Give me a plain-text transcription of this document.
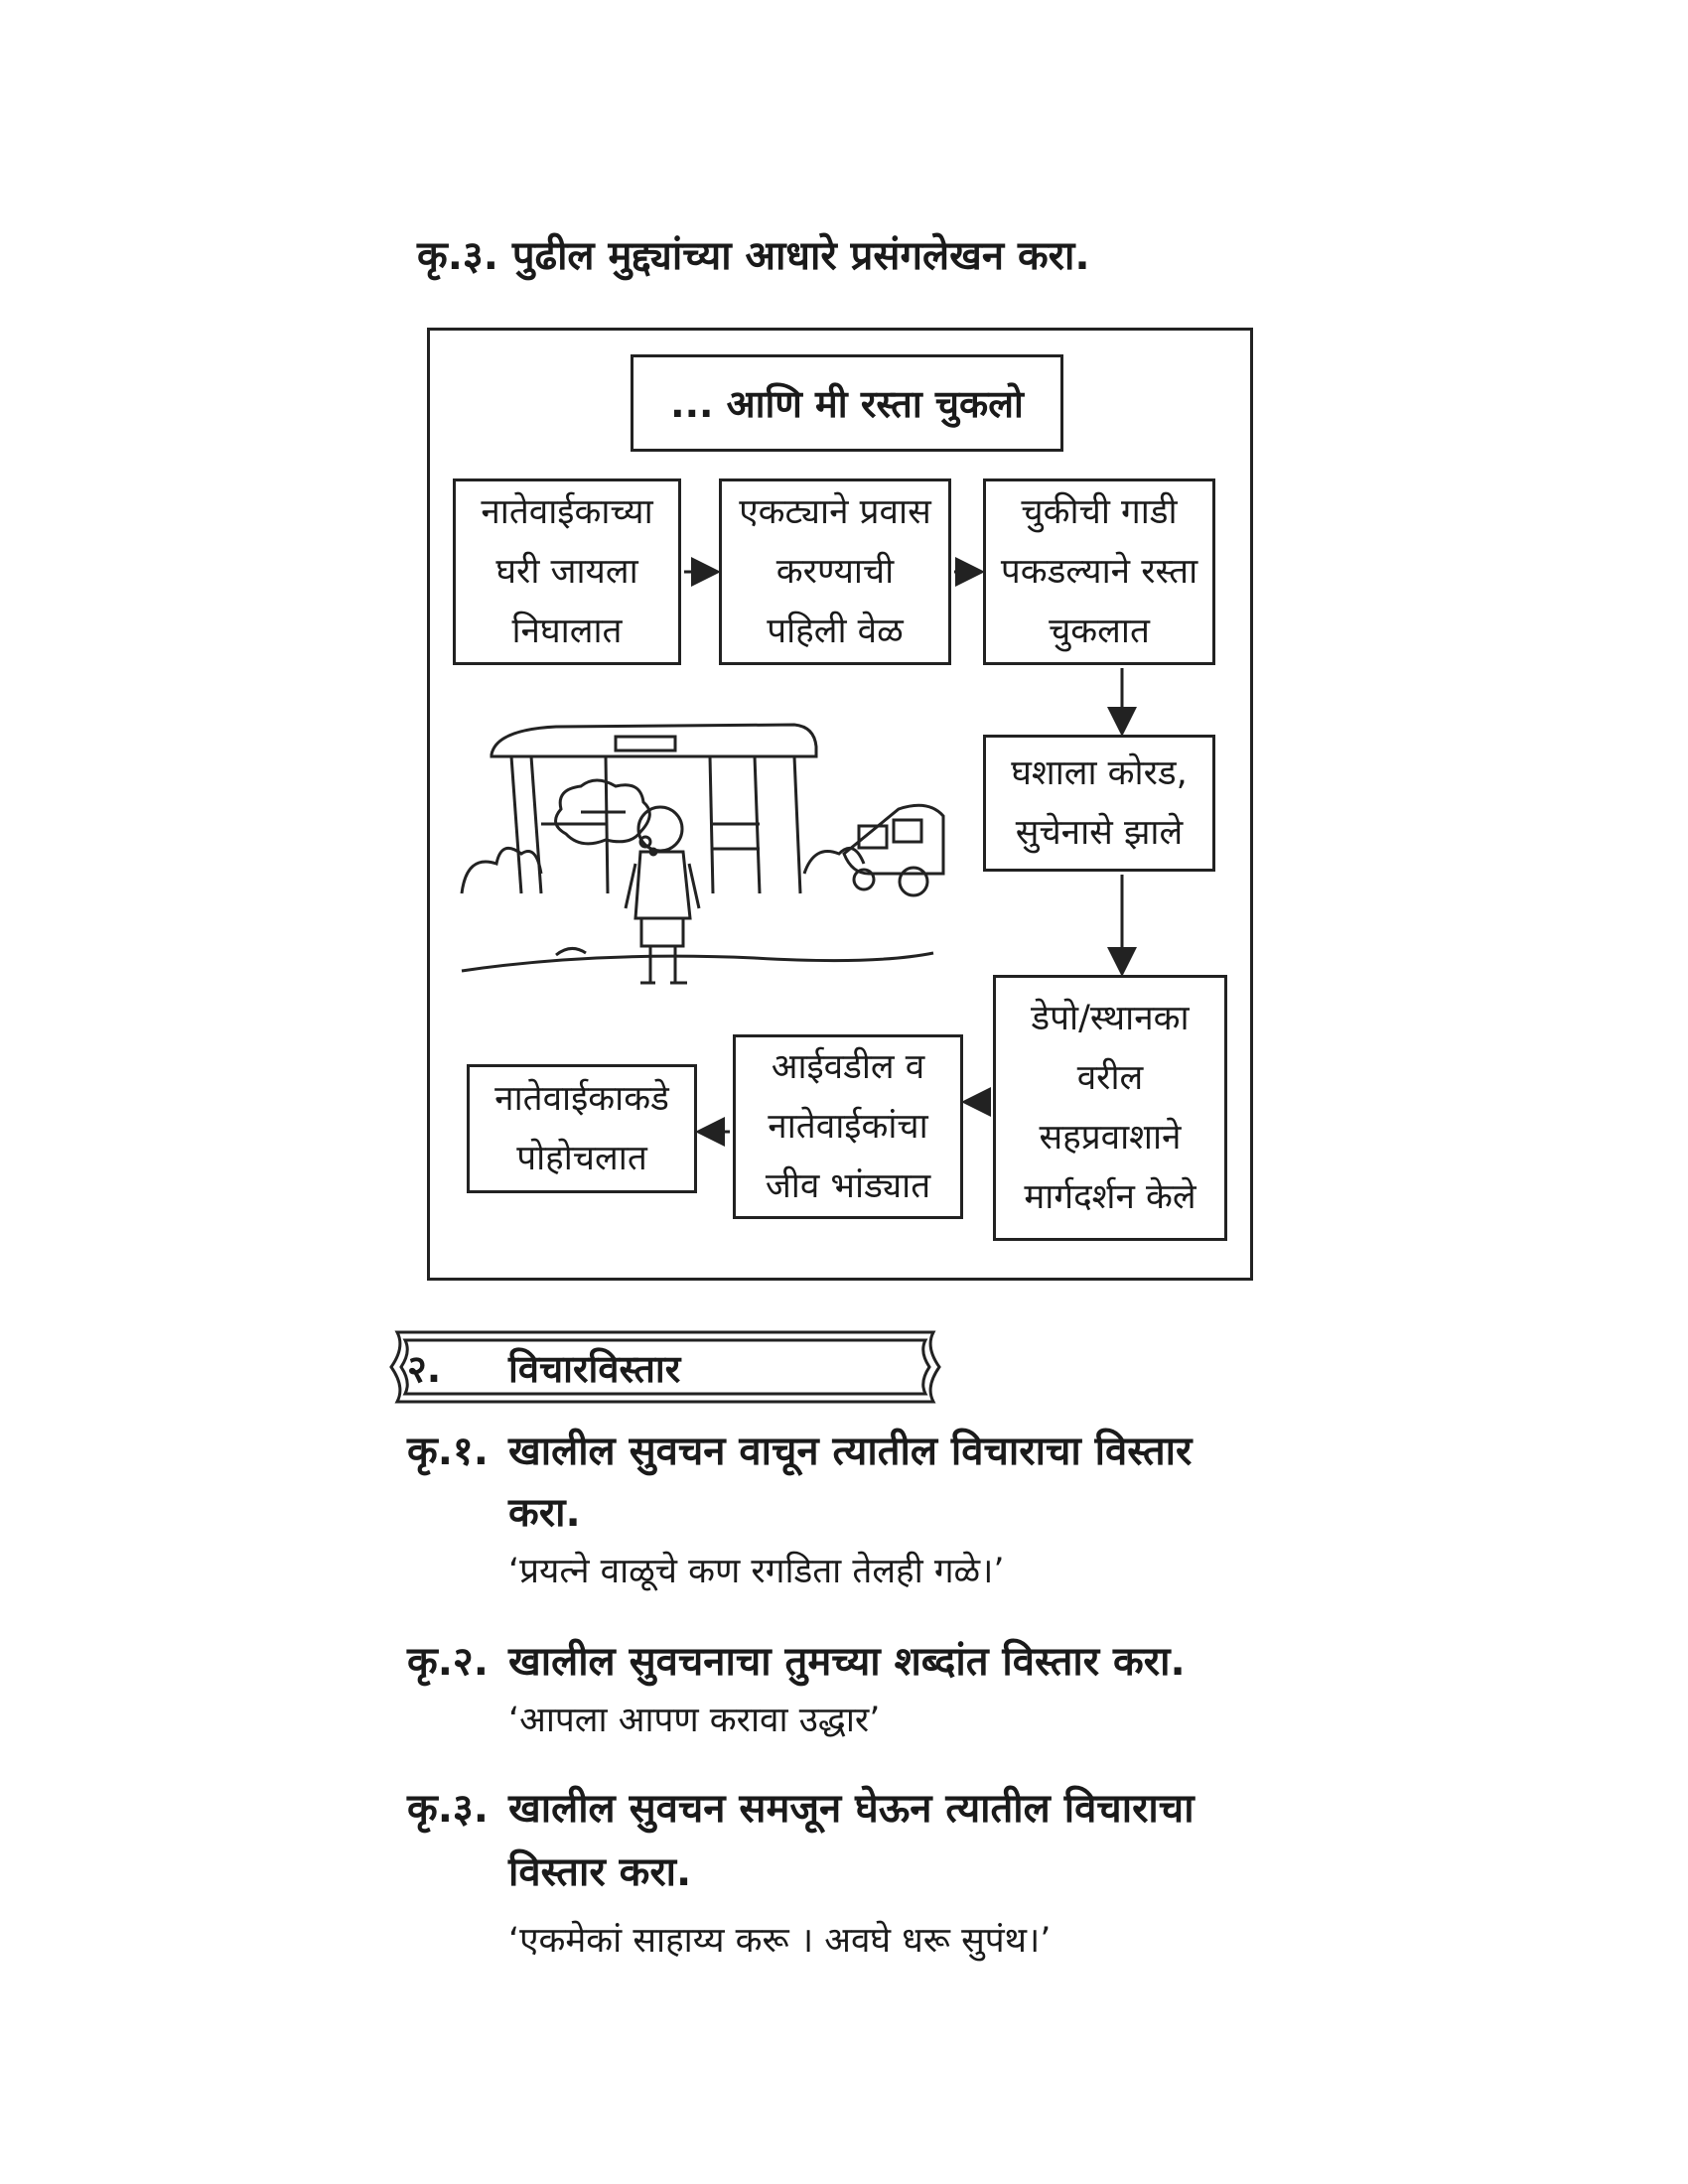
कृ.३. पुढील मुद्द्यांच्या आधारे प्रसंगलेखन करा.
... आणि मी रस्ता चुकलो
नातेवाईकाच्या
घरी जायला
निघालात
एकट्याने प्रवास
करण्याची
पहिली वेळ
चुकीची गाडी
पकडल्याने रस्ता
चुकलात
घशाला कोरड,
सुचेनासे झाले
डेपो/स्थानका
वरील
सहप्रवाशाने
मार्गदर्शन केले
आईवडील व
नातेवाईकांचा
जीव भांड्यात
नातेवाईकाकडे
पोहोचलात
२. विचारविस्तार
कृ.१. खालील सुवचन वाचून त्यातील विचाराचा विस्तार
करा.
‘प्रयत्ने वाळूचे कण रगडिता तेलही गळे।’
कृ.२. खालील सुवचनाचा तुमच्या शब्दांत विस्तार करा.
‘आपला आपण करावा उद्धार’
कृ.३. खालील सुवचन समजून घेऊन त्यातील विचाराचा
विस्तार करा.
‘एकमेकां साहाय्य करू । अवघे धरू सुपंथ।’
